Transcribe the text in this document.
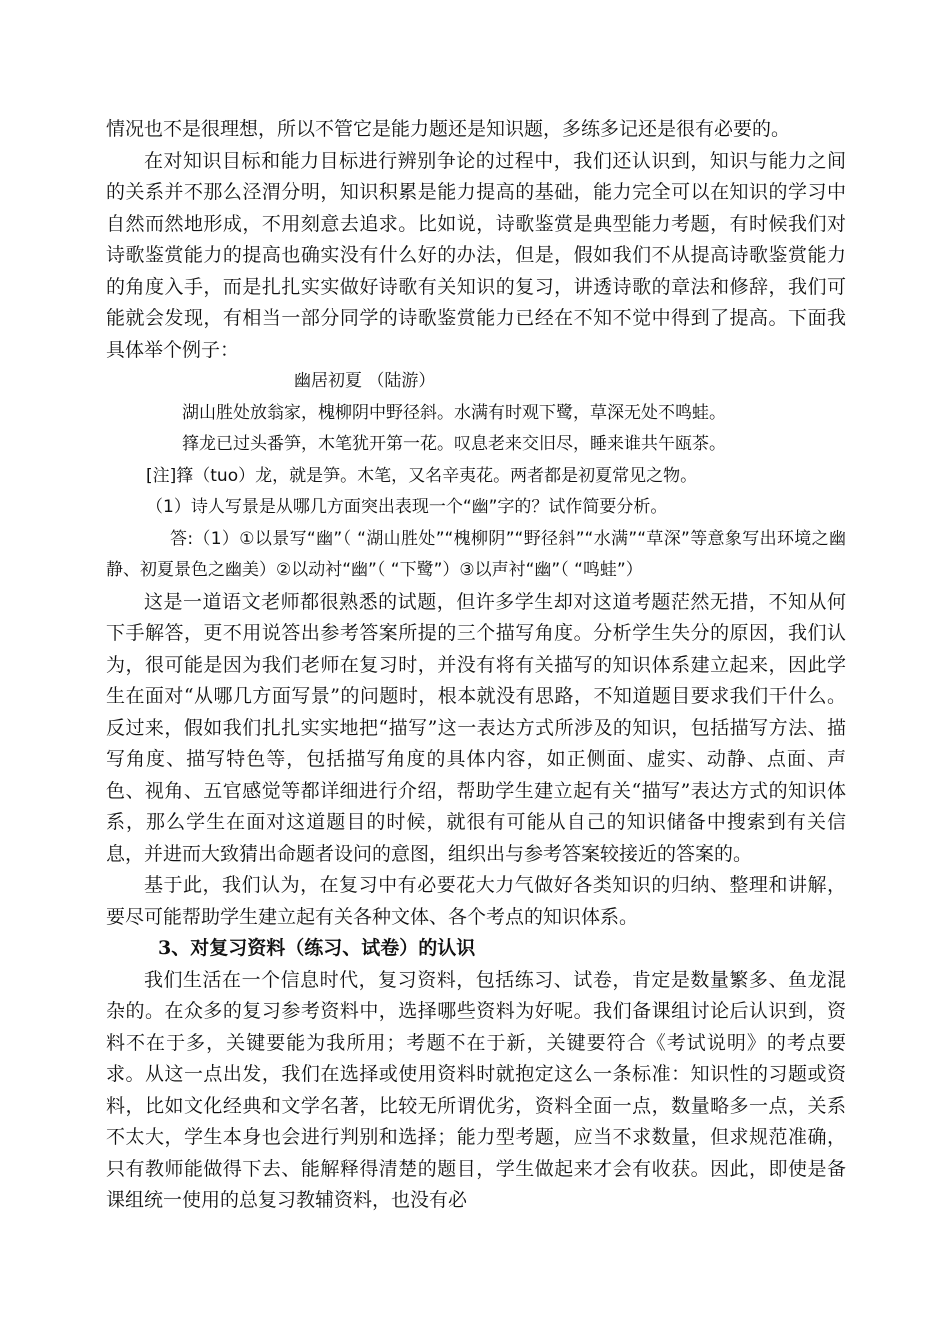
情况也不是很理想，所以不管它是能力题还是知识题，多练多记还是很有必要的。

在对知识目标和能力目标进行辨别争论的过程中，我们还认识到，知识与能力之间的关系并不那么泾渭分明，知识积累是能力提高的基础，能力完全可以在知识的学习中自然而然地形成，不用刻意去追求。比如说，诗歌鉴赏是典型能力考题，有时候我们对诗歌鉴赏能力的提高也确实没有什么好的办法，但是，假如我们不从提高诗歌鉴赏能力的角度入手，而是扎扎实实做好诗歌有关知识的复习，讲透诗歌的章法和修辞，我们可能就会发现，有相当一部分同学的诗歌鉴赏能力已经在不知不觉中得到了提高。下面我具体举个例子：

幽居初夏 （陆游）

湖山胜处放翁家，槐柳阴中野径斜。水满有时观下鹭，草深无处不鸣蛙。

箨龙已过头番笋，木笔犹开第一花。叹息老来交旧尽，睡来谁共午瓯茶。

[注]箨（tuo）龙，就是笋。木笔，又名辛夷花。两者都是初夏常见之物。

（1）诗人写景是从哪几方面突出表现一个“幽”字的？试作简要分析。

答:（1）①以景写“幽”（ “湖山胜处”“槐柳阴”“野径斜”“水满”“草深”等意象写出环境之幽静、初夏景色之幽美）②以动衬“幽”（ “下鹭”）③以声衬“幽”（ “鸣蛙”）

这是一道语文老师都很熟悉的试题，但许多学生却对这道考题茫然无措，不知从何下手解答，更不用说答出参考答案所提的三个描写角度。分析学生失分的原因，我们认为，很可能是因为我们老师在复习时，并没有将有关描写的知识体系建立起来，因此学生在面对“从哪几方面写景”的问题时，根本就没有思路，不知道题目要求我们干什么。反过来，假如我们扎扎实实地把“描写”这一表达方式所涉及的知识，包括描写方法、描写角度、描写特色等，包括描写角度的具体内容，如正侧面、虚实、动静、点面、声色、视角、五官感觉等都详细进行介绍，帮助学生建立起有关“描写”表达方式的知识体系，那么学生在面对这道题目的时候，就很有可能从自己的知识储备中搜索到有关信息，并进而大致猜出命题者设问的意图，组织出与参考答案较接近的答案的。

基于此，我们认为，在复习中有必要花大力气做好各类知识的归纳、整理和讲解，要尽可能帮助学生建立起有关各种文体、各个考点的知识体系。

3、对复习资料（练习、试卷）的认识

我们生活在一个信息时代，复习资料，包括练习、试卷，肯定是数量繁多、鱼龙混杂的。在众多的复习参考资料中，选择哪些资料为好呢。我们备课组讨论后认识到，资料不在于多，关键要能为我所用；考题不在于新，关键要符合《考试说明》的考点要求。从这一点出发，我们在选择或使用资料时就抱定这么一条标准：知识性的习题或资料，比如文化经典和文学名著，比较无所谓优劣，资料全面一点，数量略多一点，关系不太大，学生本身也会进行判别和选择；能力型考题，应当不求数量，但求规范准确，只有教师能做得下去、能解释得清楚的题目，学生做起来才会有收获。因此，即使是备课组统一使用的总复习教辅资料，也没有必
